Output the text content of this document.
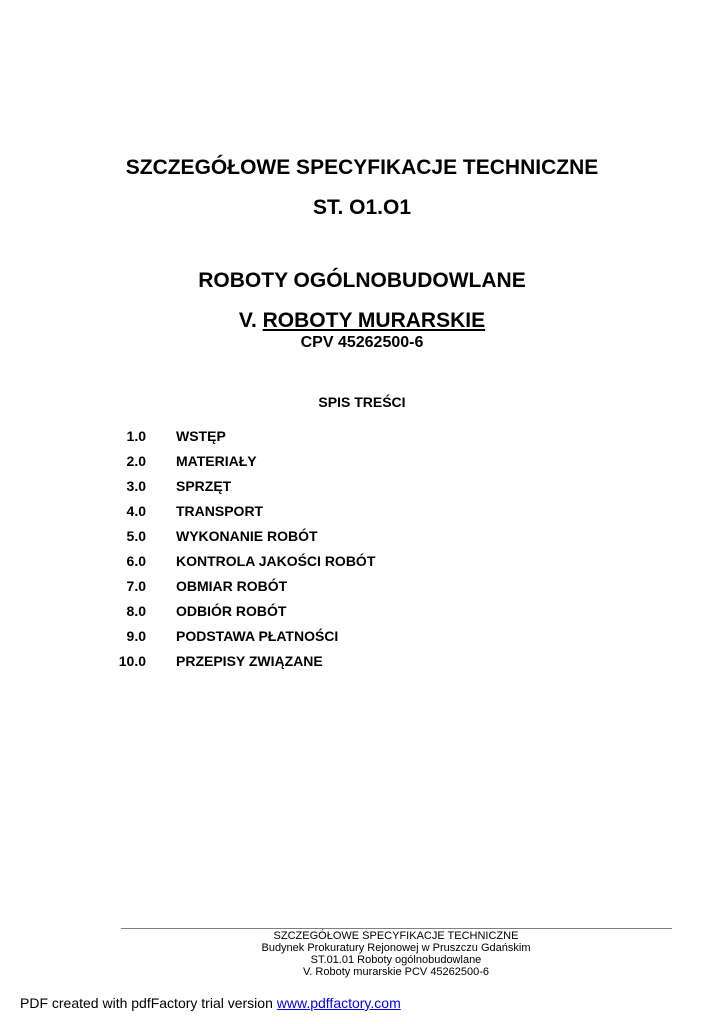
SZCZEGÓŁOWE SPECYFIKACJE TECHNICZNE
ST. O1.O1
ROBOTY OGÓLNOBUDOWLANE
V. ROBOTY MURARSKIE
CPV 45262500-6
SPIS TREŚCI
1.0 WSTĘP
2.0 MATERIAŁY
3.0 SPRZĘT
4.0 TRANSPORT
5.0 WYKONANIE ROBÓT
6.0 KONTROLA JAKOŚCI ROBÓT
7.0 OBMIAR ROBÓT
8.0 ODBIÓR ROBÓT
9.0 PODSTAWA PŁATNOŚCI
10.0 PRZEPISY ZWIĄZANE
SZCZEGÓŁOWE SPECYFIKACJE TECHNICZNE
Budynek Prokuratury Rejonowej w Pruszczu Gdańskim
ST.01.01 Roboty ogólnobudowlane
V. Roboty murarskie PCV 45262500-6
PDF created with pdfFactory trial version www.pdffactory.com
